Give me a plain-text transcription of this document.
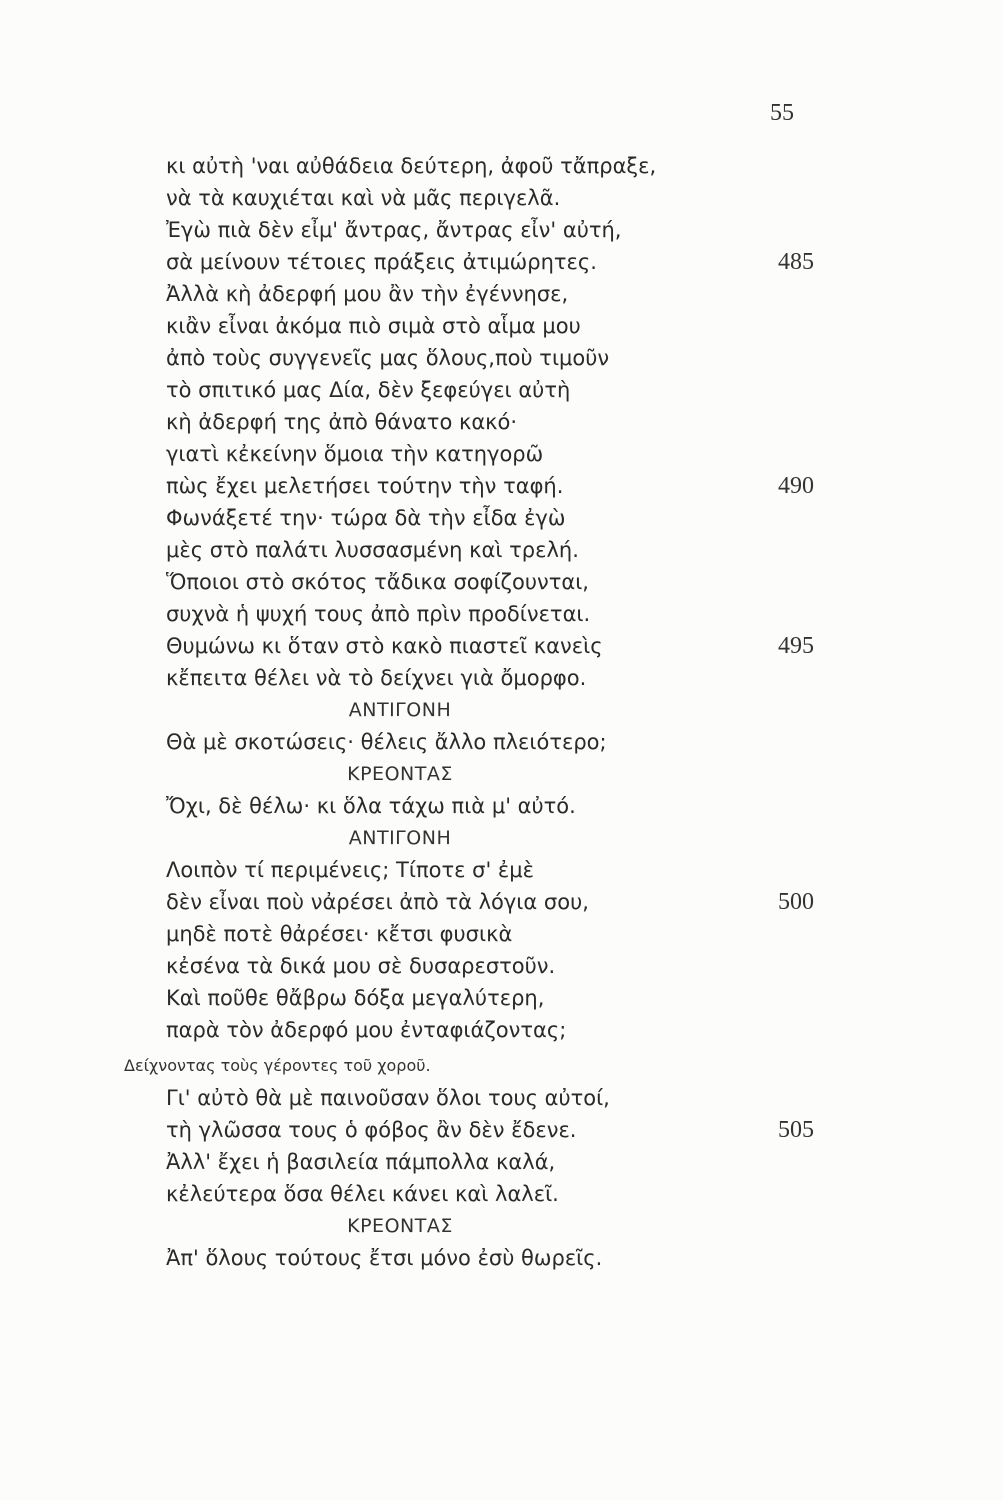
55
κι αὐτὴ 'ναι αὐθάδεια δεύτερη, ἀφοῦ τἄπραξε,
νὰ τὰ καυχιέται καὶ νὰ μᾶς περιγελᾶ.
Ἐγὼ πιὰ δὲν εἶμ' ἄντρας, ἄντρας εἶν' αὐτή,
σὰ μείνουν τέτοιες πράξεις ἀτιμώρητες.	485
Ἀλλὰ κὴ ἀδερφή μου ἂν τὴν ἐγέννησε,
κιἂν εἶναι ἀκόμα πιὸ σιμὰ στὸ αἷμα μου
ἀπὸ τοὺς συγγενεῖς μας ὅλους,ποὺ τιμοῦν
τὸ σπιτικό μας Δία, δὲν ξεφεύγει αὐτὴ
κὴ ἀδερφή της ἀπὸ θάνατο κακό·
γιατὶ κἐκείνην ὅμοια τὴν κατηγορῶ
πὼς ἔχει μελετήσει τούτην τὴν ταφή.	490
Φωνάξετέ την· τώρα δὰ τὴν εἶδα ἐγὼ
μὲς στὸ παλάτι λυσσασμένη καὶ τρελή.
Ὅποιοι στὸ σκότος τἄδικα σοφίζουνται,
συχνὰ ἡ ψυχή τους ἀπὸ πρὶν προδίνεται.
Θυμώνω κι ὅταν στὸ κακὸ πιαστεῖ κανεὶς	495
κἔπειτα θέλει νὰ τὸ δείχνει γιὰ ὄμορφο.
ΑΝΤΙΓΟΝΗ
Θὰ μὲ σκοτώσεις· θέλεις ἄλλο πλειότερο;
ΚΡΕΟΝΤΑΣ
Ὄχι, δὲ θέλω· κι ὅλα τάχω πιὰ μ' αὐτό.
ΑΝΤΙΓΟΝΗ
Λοιπὸν τί περιμένεις; Τίποτε σ' ἐμὲ
δὲν εἶναι ποὺ νἀρέσει ἀπὸ τὰ λόγια σου,	500
μηδὲ ποτὲ θἀρέσει· κἔτσι φυσικὰ
κἐσένα τὰ δικά μου σὲ δυσαρεστοῦν.
Καὶ ποῦθε θἄβρω δόξα μεγαλύτερη,
παρὰ τὸν ἀδερφό μου ἐνταφιάζοντας;
Δείχνοντας τοὺς γέροντες τοῦ χοροῦ.
Γι' αὐτὸ θὰ μὲ παινοῦσαν ὅλοι τους αὐτοί,
τὴ γλῶσσα τους ὁ φόβος ἂν δὲν ἔδενε.	505
Ἀλλ' ἔχει ἡ βασιλεία πάμπολλα καλά,
κἐλεύτερα ὅσα θέλει κάνει καὶ λαλεῖ.
ΚΡΕΟΝΤΑΣ
Ἀπ' ὅλους τούτους ἔτσι μόνο ἐσὺ θωρεῖς.
